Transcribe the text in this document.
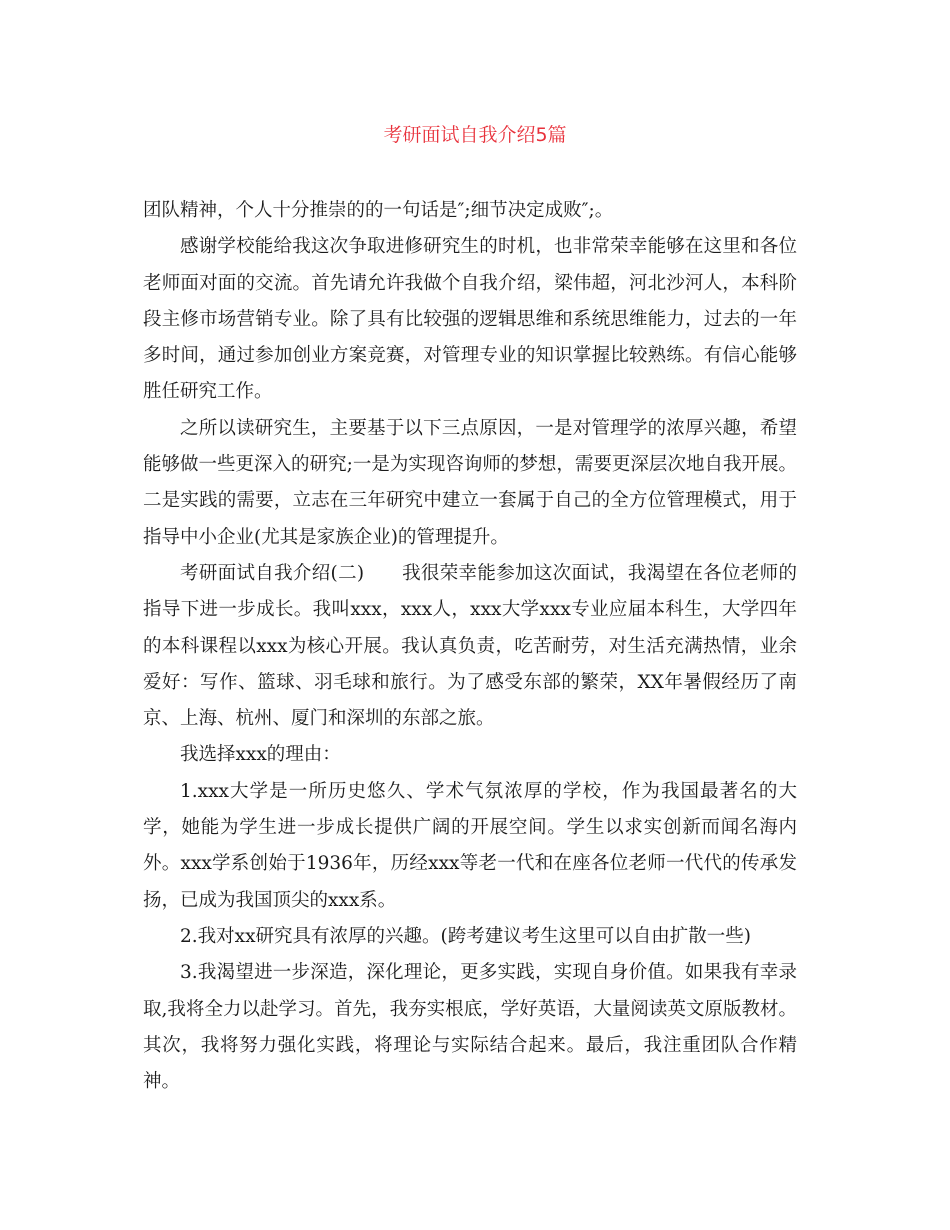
考研面试自我介绍5篇

团队精神，个人十分推崇的的一句话是″;细节决定成败″;。

感谢学校能给我这次争取进修研究生的时机，也非常荣幸能够在这里和各位老师面对面的交流。首先请允许我做个自我介绍，梁伟超，河北沙河人，本科阶段主修市场营销专业。除了具有比较强的逻辑思维和系统思维能力，过去的一年多时间，通过参加创业方案竞赛，对管理专业的知识掌握比较熟练。有信心能够胜任研究工作。

之所以读研究生，主要基于以下三点原因，一是对管理学的浓厚兴趣，希望能够做一些更深入的研究;一是为实现咨询师的梦想，需要更深层次地自我开展。二是实践的需要，立志在三年研究中建立一套属于自己的全方位管理模式，用于指导中小企业(尤其是家族企业)的管理提升。

考研面试自我介绍(二)　　我很荣幸能参加这次面试，我渴望在各位老师的指导下进一步成长。我叫xxx，xxx人，xxx大学xxx专业应届本科生，大学四年的本科课程以xxx为核心开展。我认真负责，吃苦耐劳，对生活充满热情，业余爱好：写作、篮球、羽毛球和旅行。为了感受东部的繁荣，XX年暑假经历了南京、上海、杭州、厦门和深圳的东部之旅。

我选择xxx的理由：

1.xxx大学是一所历史悠久、学术气氛浓厚的学校，作为我国最著名的大学，她能为学生进一步成长提供广阔的开展空间。学生以求实创新而闻名海内外。xxx学系创始于1936年，历经xxx等老一代和在座各位老师一代代的传承发扬，已成为我国顶尖的xxx系。

2.我对xx研究具有浓厚的兴趣。(跨考建议考生这里可以自由扩散一些)

3.我渴望进一步深造，深化理论，更多实践，实现自身价值。如果我有幸录取,我将全力以赴学习。首先，我夯实根底，学好英语，大量阅读英文原版教材。其次，我将努力强化实践，将理论与实际结合起来。最后，我注重团队合作精神。
